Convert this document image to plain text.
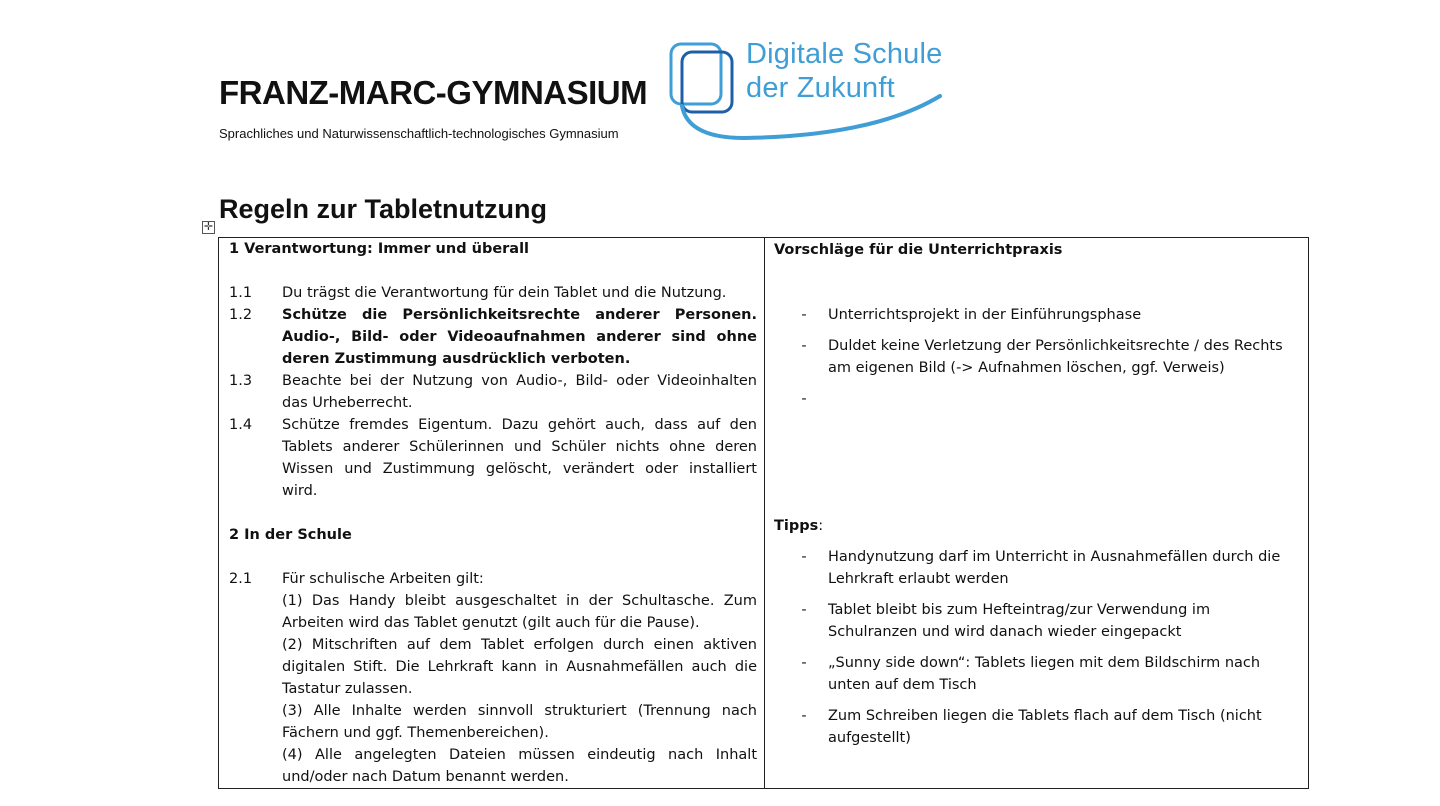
FRANZ-MARC-GYMNASIUM
Sprachliches und Naturwissenschaftlich-technologisches Gymnasium
Digitale Schule
der Zukunft
Regeln zur Tabletnutzung
✛
1 Verantwortung: Immer und überall
1.1	Du trägst die Verantwortung für dein Tablet und die Nutzung.
1.2	Schütze die Persönlichkeitsrechte anderer Personen. Audio-, Bild- oder Videoaufnahmen anderer sind ohne deren Zustimmung ausdrücklich verboten.
1.3	Beachte bei der Nutzung von Audio-, Bild- oder Videoinhalten das Urheberrecht.
1.4	Schütze fremdes Eigentum. Dazu gehört auch, dass auf den Tablets anderer Schülerinnen und Schüler nichts ohne deren Wissen und Zustimmung gelöscht, verändert oder installiert wird.
2 In der Schule
2.1	Für schulische Arbeiten gilt:
(1) Das Handy bleibt ausgeschaltet in der Schultasche. Zum Arbeiten wird das Tablet genutzt (gilt auch für die Pause).
(2) Mitschriften auf dem Tablet erfolgen durch einen aktiven digitalen Stift. Die Lehrkraft kann in Ausnahmefällen auch die Tastatur zulassen.
(3) Alle Inhalte werden sinnvoll strukturiert (Trennung nach Fächern und ggf. Themenbereichen).
(4) Alle angelegten Dateien müssen eindeutig nach Inhalt und/oder nach Datum benannt werden.

Vorschläge für die Unterrichtpraxis
-	Unterrichtsprojekt in der Einführungsphase
-	Duldet keine Verletzung der Persönlichkeitsrechte / des Rechts am eigenen Bild (-> Aufnahmen löschen, ggf. Verweis)
-
Tipps:
-	Handynutzung darf im Unterricht in Ausnahmefällen durch die Lehrkraft erlaubt werden
-	Tablet bleibt bis zum Hefteintrag/zur Verwendung im Schulranzen und wird danach wieder eingepackt
-	„Sunny side down“: Tablets liegen mit dem Bildschirm nach unten auf dem Tisch
-	Zum Schreiben liegen die Tablets flach auf dem Tisch (nicht aufgestellt)
